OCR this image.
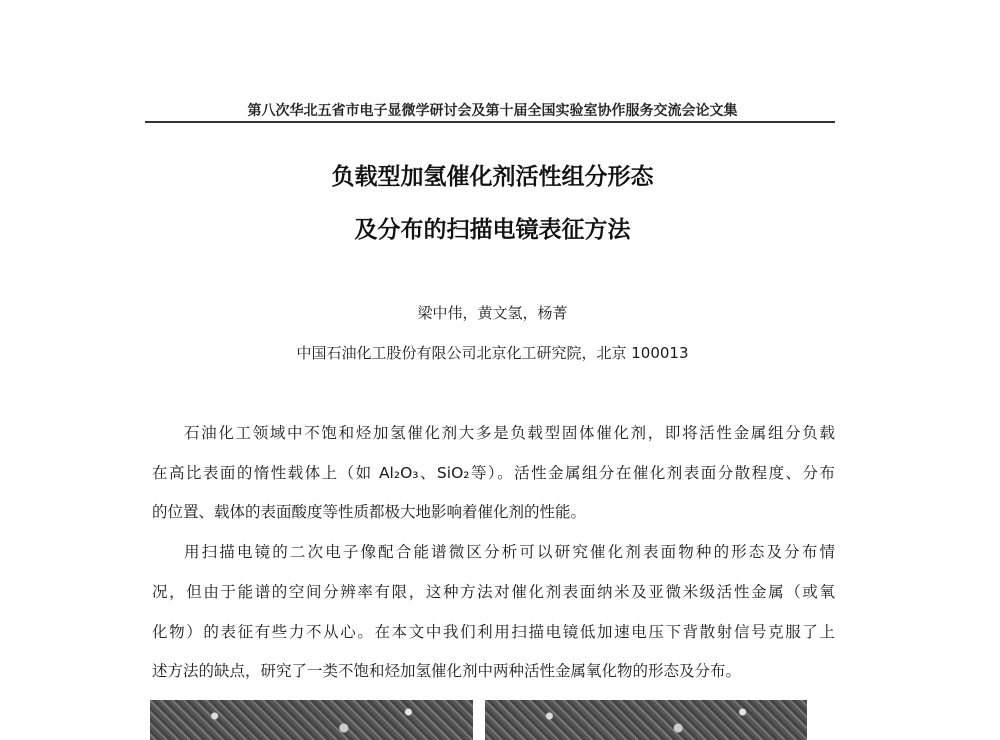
第八次华北五省市电子显微学研讨会及第十届全国实验室协作服务交流会论文集
负载型加氢催化剂活性组分形态
及分布的扫描电镜表征方法
梁中伟，黄文氢，杨菁
中国石油化工股份有限公司北京化工研究院，北京 100013
石油化工领域中不饱和烃加氢催化剂大多是负载型固体催化剂，即将活性金属组分负载
在高比表面的惰性载体上（如 Al₂O₃、SiO₂等）。活性金属组分在催化剂表面分散程度、分布
的位置、载体的表面酸度等性质都极大地影响着催化剂的性能。
用扫描电镜的二次电子像配合能谱微区分析可以研究催化剂表面物种的形态及分布情
况，但由于能谱的空间分辨率有限，这种方法对催化剂表面纳米及亚微米级活性金属（或氧
化物）的表征有些力不从心。在本文中我们利用扫描电镜低加速电压下背散射信号克服了上
述方法的缺点，研究了一类不饱和烃加氢催化剂中两种活性金属氧化物的形态及分布。
